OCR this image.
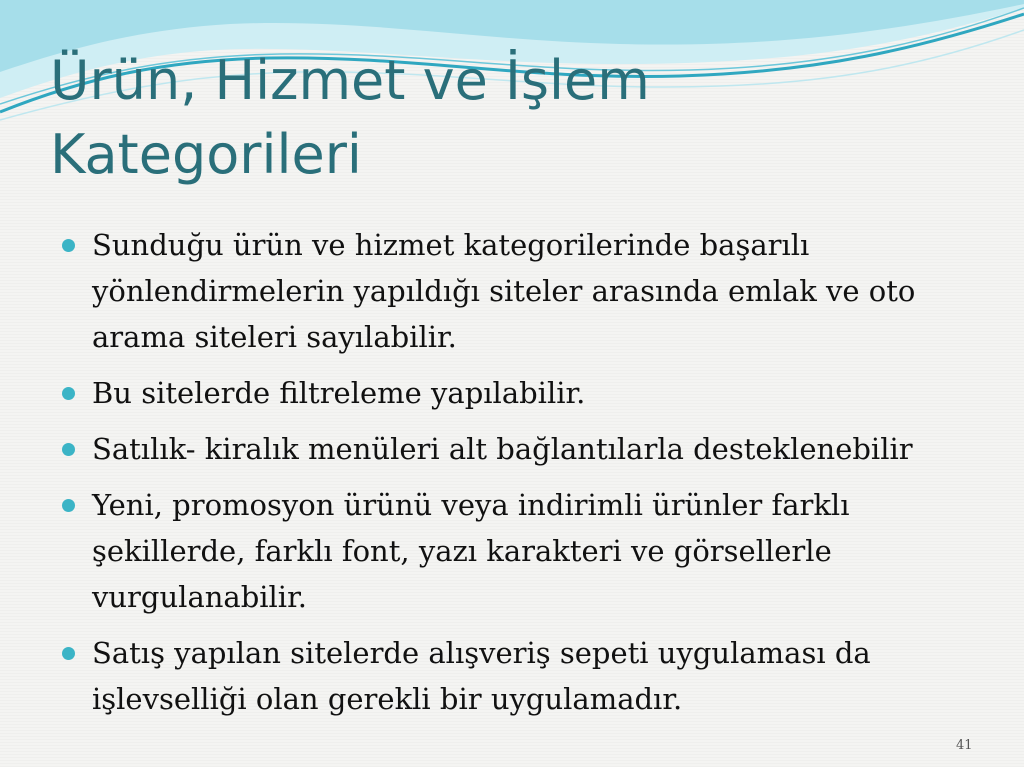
Ürün, Hizmet ve İşlem Kategorileri
Sunduğu ürün ve hizmet kategorilerinde başarılı yönlendirmelerin yapıldığı siteler arasında emlak ve oto arama siteleri sayılabilir.
Bu sitelerde filtreleme yapılabilir.
Satılık- kiralık menüleri alt bağlantılarla desteklenebilir
Yeni, promosyon ürünü veya indirimli ürünler farklı şekillerde, farklı font, yazı karakteri ve görsellerle vurgulanabilir.
Satış yapılan sitelerde alışveriş sepeti uygulaması da işlevselliği olan gerekli bir uygulamadır.
41
